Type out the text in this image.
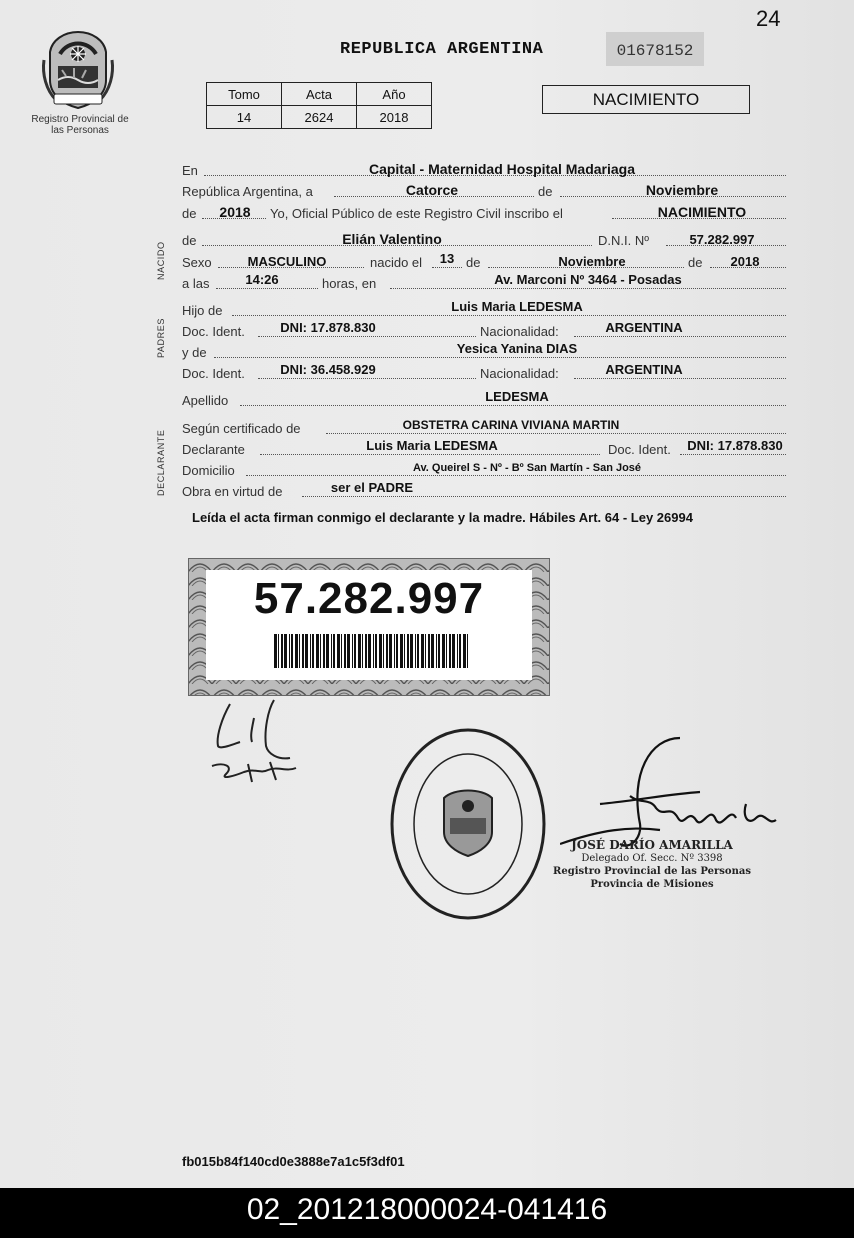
24
Registro Provincial de las Personas
REPUBLICA ARGENTINA	01678152
Tomo	Acta	Año
14	2624	2018
NACIMIENTO
En	Capital - Maternidad Hospital Madariaga
República Argentina, a	Catorce	de	Noviembre
de	2018	Yo, Oficial Público de este Registro Civil inscribo el	NACIMIENTO
de	Elián Valentino	D.N.I. Nº	57.282.997
Sexo	MASCULINO	nacido el 13 de	Noviembre	de	2018
a las	14:26	horas, en	Av. Marconi Nº 3464 - Posadas
Hijo de	Luis Maria LEDESMA
Doc. Ident.	DNI: 17.878.830	Nacionalidad:	ARGENTINA
y de	Yesica Yanina DIAS
Doc. Ident.	DNI: 36.458.929	Nacionalidad:	ARGENTINA
Apellido	LEDESMA
Según certificado de	OBSTETRA CARINA VIVIANA MARTIN
Declarante	Luis Maria LEDESMA	Doc. Ident.	DNI: 17.878.830
Domicilio	Av. Queirel S - Nº - Bº San Martín - San José
Obra en virtud de	ser el PADRE
NACIDO
PADRES
DECLARANTE
Leída el acta firman conmigo el declarante y la madre. Hábiles Art. 64 - Ley 26994
57.282.997
JOSÉ DARÍO AMARILLA
Delegado Of. Secc. Nº 3398
Registro Provincial de las Personas
Provincia de Misiones
fb015b84f140cd0e3888e7a1c5f3df01
02_201218000024-041416
